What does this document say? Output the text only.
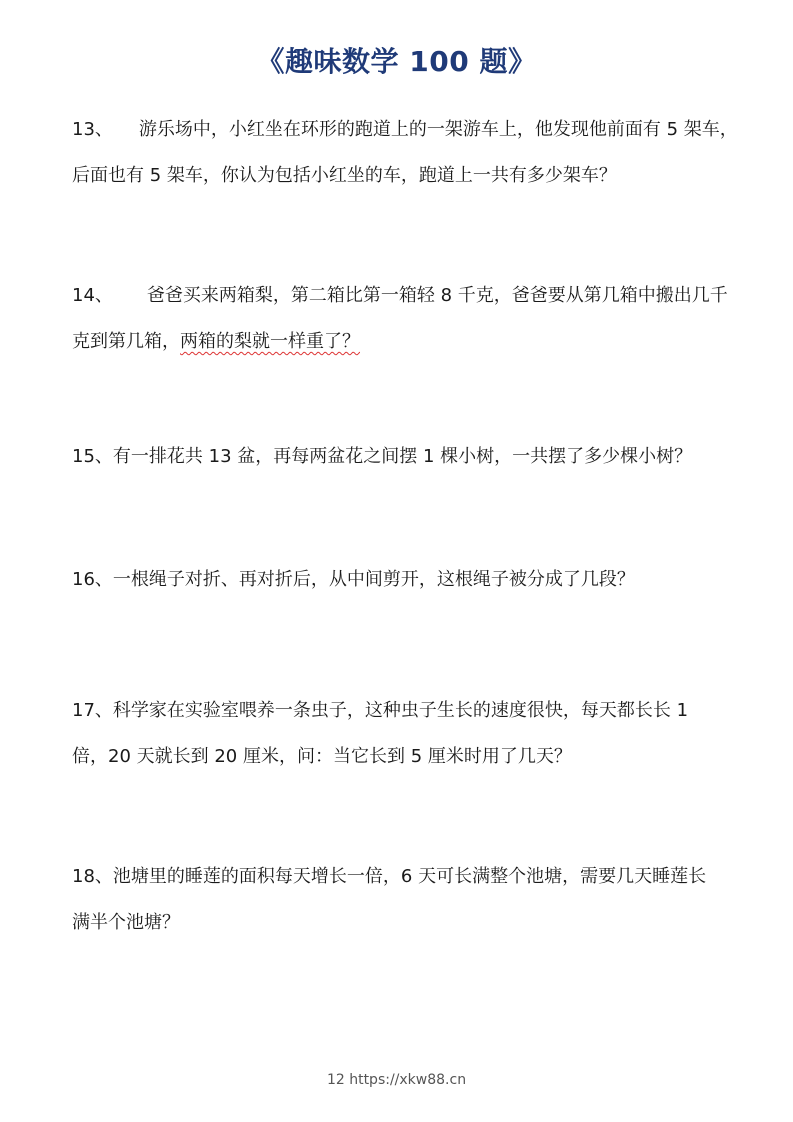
《趣味数学 100 题》

13、 游乐场中，小红坐在环形的跑道上的一架游车上，他发现他前面有 5 架车，

后面也有 5 架车，你认为包括小红坐的车，跑道上一共有多少架车？

14、 爸爸买来两箱梨，第二箱比第一箱轻 8 千克，爸爸要从第几箱中搬出几千

克到第几箱，两箱的梨就一样重了？

15、有一排花共 13 盆，再每两盆花之间摆 1 棵小树，一共摆了多少棵小树？

16、一根绳子对折、再对折后，从中间剪开，这根绳子被分成了几段？

17、科学家在实验室喂养一条虫子，这种虫子生长的速度很快，每天都长长 1

倍，20 天就长到 20 厘米，问：当它长到 5 厘米时用了几天？

18、池塘里的睡莲的面积每天增长一倍，6 天可长满整个池塘，需要几天睡莲长

满半个池塘？

12 https://xkw88.cn
